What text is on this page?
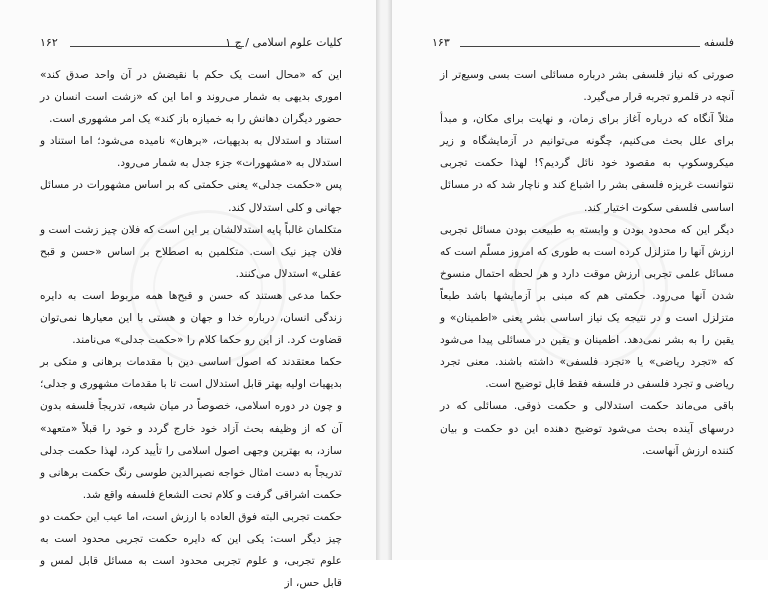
کلیات علوم اسلامی / ج ۱
۱۶۲

این که «محال است یک حکم با نقیضش در آن واحد صدق کند» اموری بدیهی به شمار می‌روند و اما این که «زشت است انسان در حضور دیگران دهانش را به خمیازه باز کند» یک امر مشهوری است.

استناد و استدلال به بدیهیات، «برهان» نامیده می‌شود؛ اما استناد و استدلال به «مشهورات» جزء جدل به شمار می‌رود.

پس «حکمت جدلی» یعنی حکمتی که بر اساس مشهورات در مسائل جهانی و کلی استدلال کند.

متکلمان غالباً پایه استدلالشان بر این است که فلان چیز زشت است و فلان چیز نیک است. متکلمین به اصطلاح بر اساس «حسن و قبح عقلی» استدلال می‌کنند.

حکما مدعی هستند که حسن و قبح‌ها همه مربوط است به دایره زندگی انسان، درباره خدا و جهان و هستی با این معیارها نمی‌توان قضاوت کرد. از این رو حکما کلام را «حکمت جدلی» می‌نامند.

حکما معتقدند که اصول اساسی دین با مقدمات برهانی و متکی بر بدیهیات اولیه بهتر قابل استدلال است تا با مقدمات مشهوری و جدلی؛ و چون در دوره اسلامی، خصوصاً در میان شیعه، تدریجاً فلسفه بدون آن که از وظیفه بحث آزاد خود خارج گردد و خود را قبلاً «متعهد» سازد، به بهترین وجهی اصول اسلامی را تأیید کرد، لهذا حکمت جدلی تدریجاً به دست امثال خواجه نصیرالدین طوسی رنگ حکمت برهانی و حکمت اشراقی گرفت و کلام تحت الشعاع فلسفه واقع شد.

حکمت تجربی البته فوق العاده با ارزش است، اما عیب این حکمت دو چیز دیگر است: یکی این که دایره حکمت تجربی محدود است به علوم تجربی، و علوم تجربی محدود است به مسائل قابل لمس و قابل حس، از

فلسفه
۱۶۳

صورتی که نیاز فلسفی بشر درباره مسائلی است بسی وسیع‌تر از آنچه در قلمرو تجربه قرار می‌گیرد.

مثلاً آنگاه که درباره آغاز برای زمان، و نهایت برای مکان، و مبدأ برای علل بحث می‌کنیم، چگونه می‌توانیم در آزمایشگاه و زیر میکروسکوپ به مقصود خود نائل گردیم؟! لهذا حکمت تجربی نتوانست غریزه فلسفی بشر را اشباع کند و ناچار شد که در مسائل اساسی فلسفی سکوت اختیار کند.

دیگر این که محدود بودن و وابسته به طبیعت بودن مسائل تجربی ارزش آنها را متزلزل کرده است به طوری که امروز مسلّم است که مسائل علمی تجربی ارزش موقت دارد و هر لحظه احتمال منسوخ شدن آنها می‌رود. حکمتی هم که مبنی بر آزمایشها باشد طبعاً متزلزل است و در نتیجه یک نیاز اساسی بشر یعنی «اطمینان» و یقین را به بشر نمی‌دهد. اطمینان و یقین در مسائلی پیدا می‌شود که «تجرد ریاضی» یا «تجرد فلسفی» داشته باشند. معنی تجرد ریاضی و تجرد فلسفی در فلسفه فقط قابل توضیح است.

باقی می‌ماند حکمت استدلالی و حکمت ذوقی. مسائلی که در درسهای آینده بحث می‌شود توضیح دهنده این دو حکمت و بیان کننده ارزش آنهاست.
